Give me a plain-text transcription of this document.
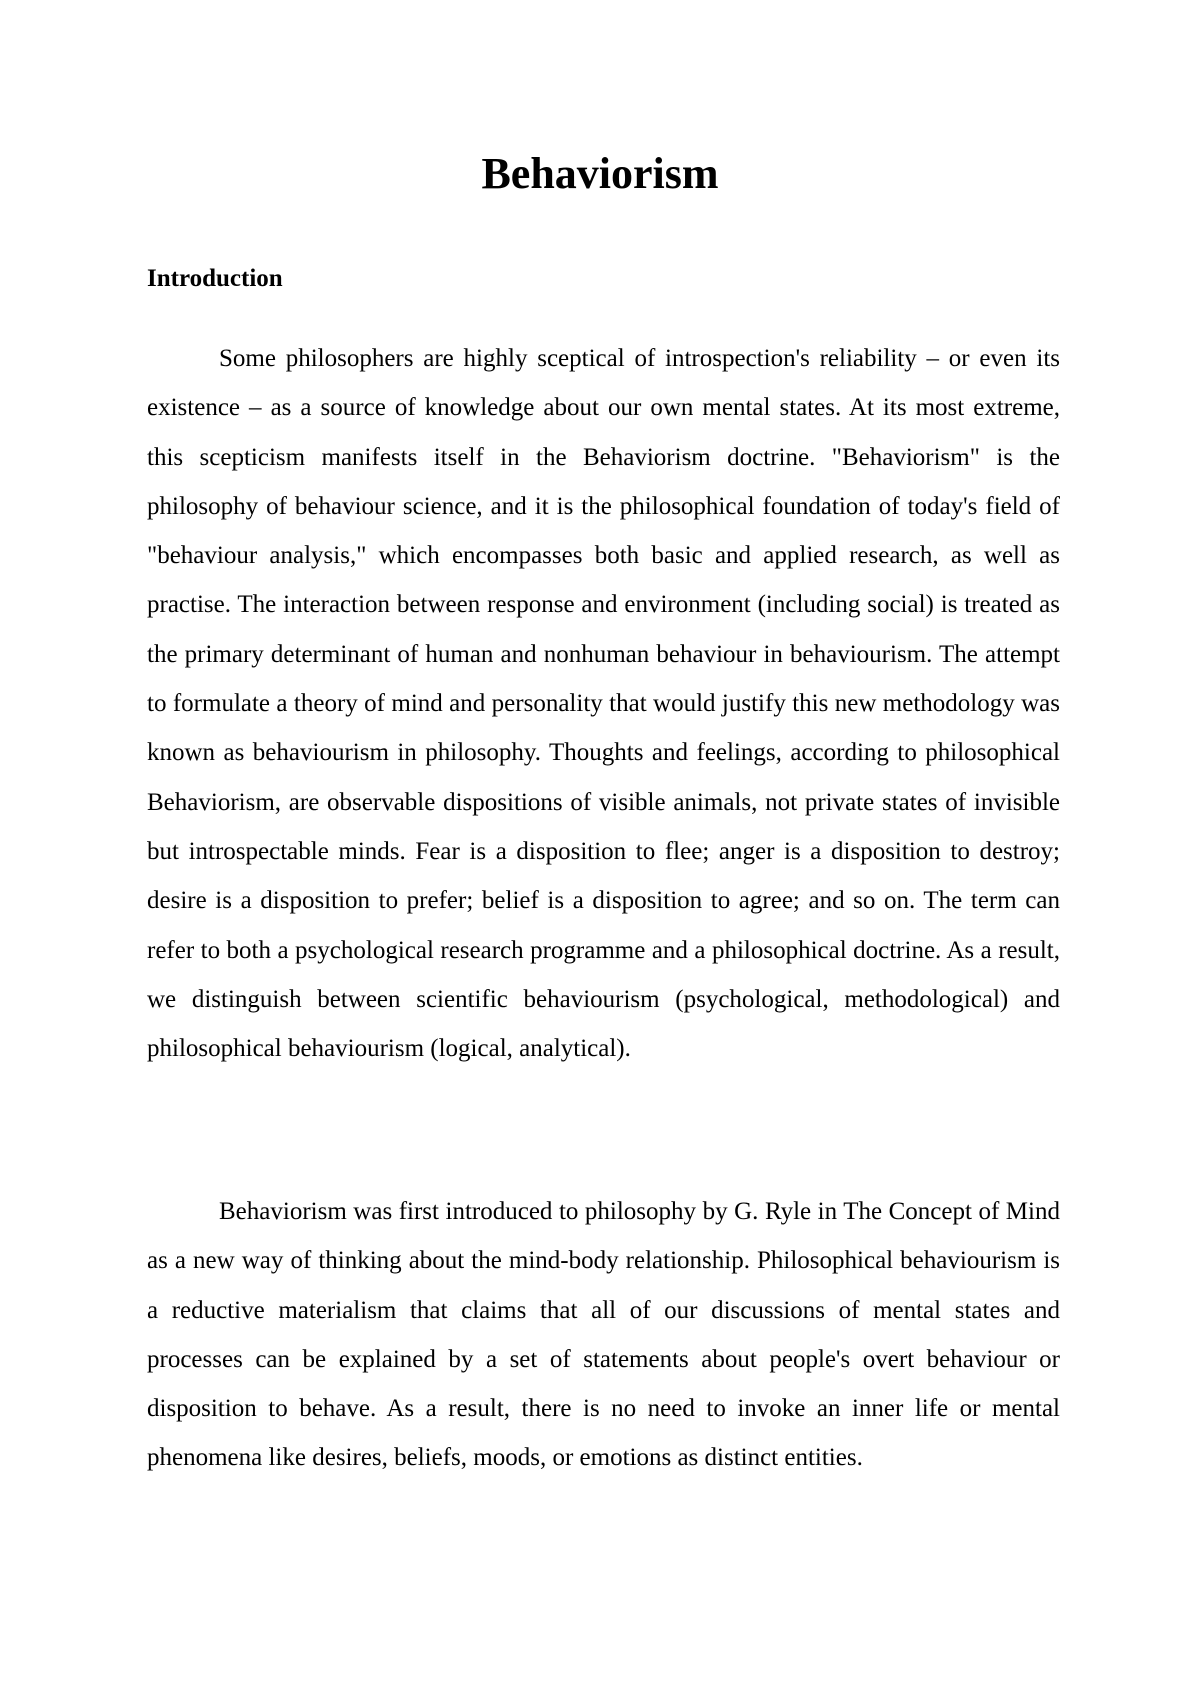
Behaviorism
Introduction

Some philosophers are highly sceptical of introspection's reliability – or even its existence – as a source of knowledge about our own mental states. At its most extreme, this scepticism manifests itself in the Behaviorism doctrine. "Behaviorism" is the philosophy of behaviour science, and it is the philosophical foundation of today's field of "behaviour analysis," which encompasses both basic and applied research, as well as practise. The interaction between response and environment (including social) is treated as the primary determinant of human and nonhuman behaviour in behaviourism. The attempt to formulate a theory of mind and personality that would justify this new methodology was known as behaviourism in philosophy. Thoughts and feelings, according to philosophical Behaviorism, are observable dispositions of visible animals, not private states of invisible but introspectable minds. Fear is a disposition to flee; anger is a disposition to destroy; desire is a disposition to prefer; belief is a disposition to agree; and so on. The term can refer to both a psychological research programme and a philosophical doctrine. As a result, we distinguish between scientific behaviourism (psychological, methodological) and philosophical behaviourism (logical, analytical).

Behaviorism was first introduced to philosophy by G. Ryle in The Concept of Mind as a new way of thinking about the mind-body relationship. Philosophical behaviourism is a reductive materialism that claims that all of our discussions of mental states and processes can be explained by a set of statements about people's overt behaviour or disposition to behave. As a result, there is no need to invoke an inner life or mental phenomena like desires, beliefs, moods, or emotions as distinct entities.
